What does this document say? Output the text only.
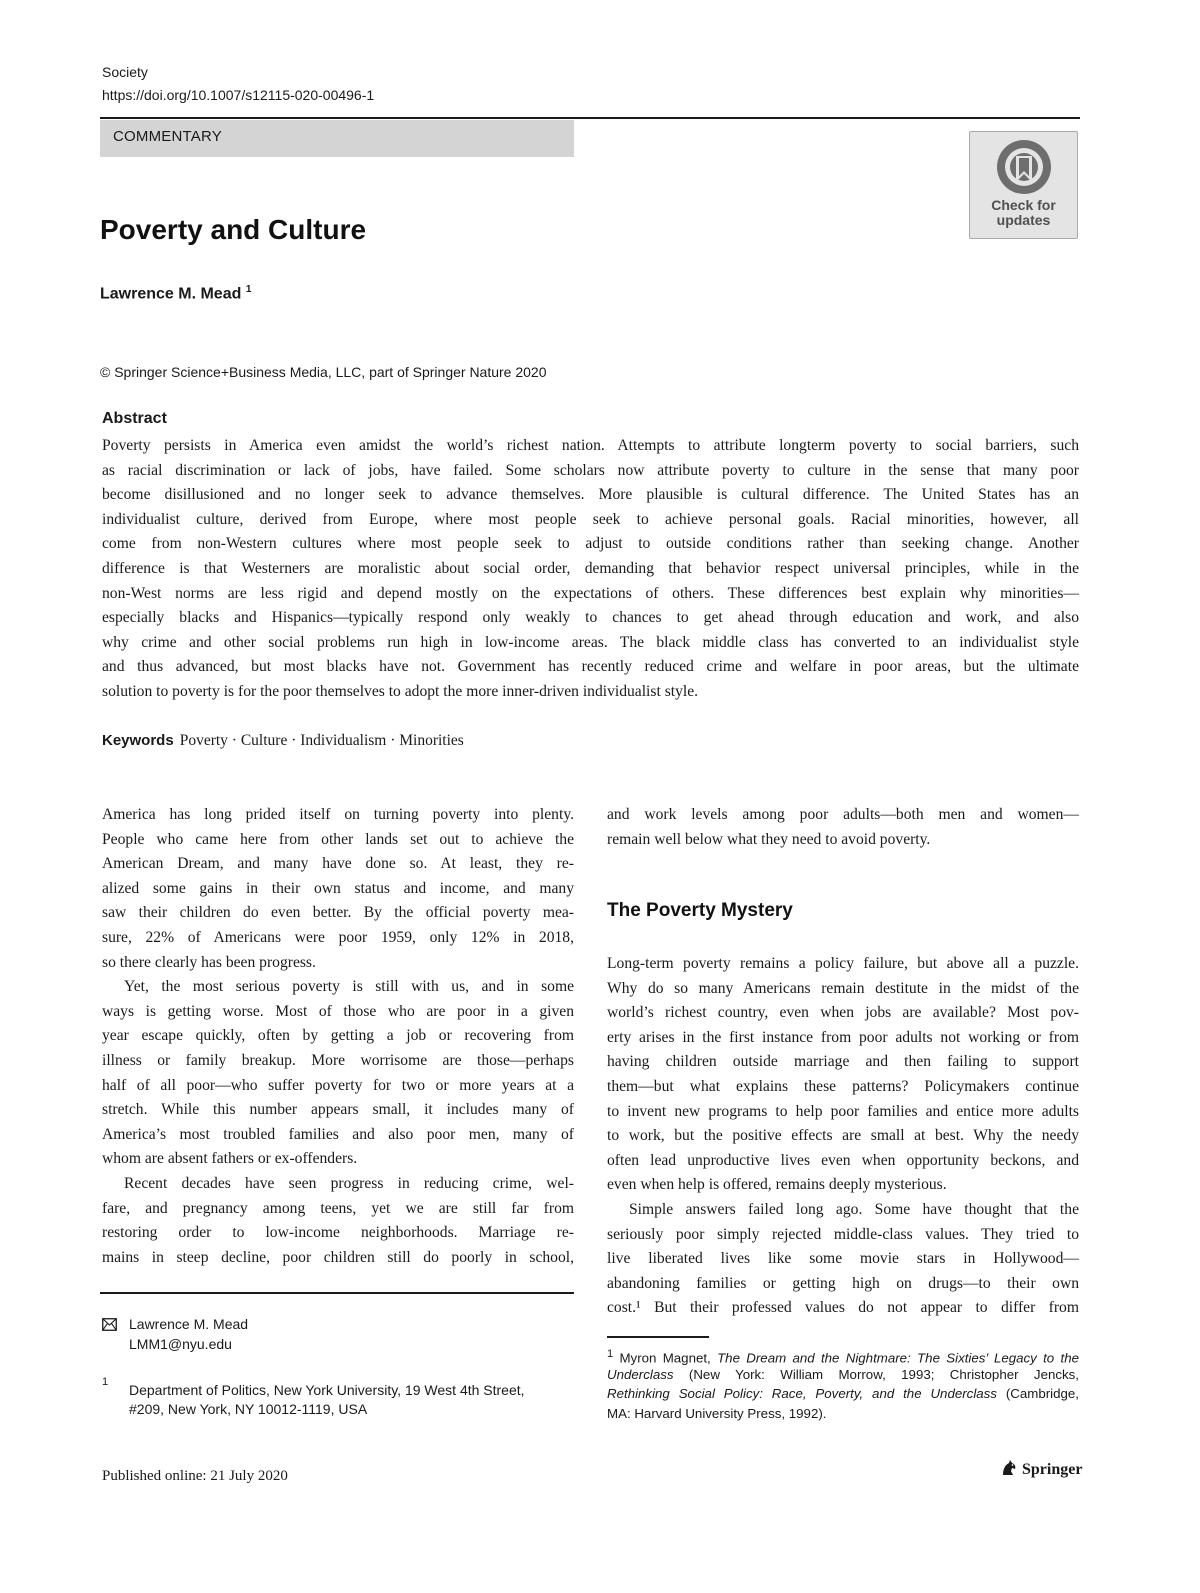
Society
https://doi.org/10.1007/s12115-020-00496-1
COMMENTARY
Check for
updates
Poverty and Culture
Lawrence M. Mead $^1$
© Springer Science+Business Media, LLC, part of Springer Nature 2020
Abstract
Poverty persists in America even amidst the world’s richest nation. Attempts to attribute longterm poverty to social barriers, such
as racial discrimination or lack of jobs, have failed. Some scholars now attribute poverty to culture in the sense that many poor
become disillusioned and no longer seek to advance themselves. More plausible is cultural difference. The United States has an
individualist culture, derived from Europe, where most people seek to achieve personal goals. Racial minorities, however, all
come from non-Western cultures where most people seek to adjust to outside conditions rather than seeking change. Another
difference is that Westerners are moralistic about social order, demanding that behavior respect universal principles, while in the
non-West norms are less rigid and depend mostly on the expectations of others. These differences best explain why minorities—
especially blacks and Hispanics—typically respond only weakly to chances to get ahead through education and work, and also
why crime and other social problems run high in low-income areas. The black middle class has converted to an individualist style
and thus advanced, but most blacks have not. Government has recently reduced crime and welfare in poor areas, but the ultimate
solution to poverty is for the poor themselves to adopt the more inner-driven individualist style.
Keywords Poverty · Culture · Individualism · Minorities
America has long prided itself on turning poverty into plenty.
People who came here from other lands set out to achieve the
American Dream, and many have done so. At least, they re-
alized some gains in their own status and income, and many
saw their children do even better. By the official poverty mea-
sure, 22% of Americans were poor 1959, only 12% in 2018,
so there clearly has been progress.
Yet, the most serious poverty is still with us, and in some
ways is getting worse. Most of those who are poor in a given
year escape quickly, often by getting a job or recovering from
illness or family breakup. More worrisome are those—perhaps
half of all poor—who suffer poverty for two or more years at a
stretch. While this number appears small, it includes many of
America’s most troubled families and also poor men, many of
whom are absent fathers or ex-offenders.
Recent decades have seen progress in reducing crime, wel-
fare, and pregnancy among teens, yet we are still far from
restoring order to low-income neighborhoods. Marriage re-
mains in steep decline, poor children still do poorly in school,
and work levels among poor adults—both men and women—
remain well below what they need to avoid poverty.
The Poverty Mystery
Long-term poverty remains a policy failure, but above all a puzzle.
Why do so many Americans remain destitute in the midst of the
world’s richest country, even when jobs are available? Most pov-
erty arises in the first instance from poor adults not working or from
having children outside marriage and then failing to support
them—but what explains these patterns? Policymakers continue
to invent new programs to help poor families and entice more adults
to work, but the positive effects are small at best. Why the needy
often lead unproductive lives even when opportunity beckons, and
even when help is offered, remains deeply mysterious.
Simple answers failed long ago. Some have thought that the
seriously poor simply rejected middle-class values. They tried to
live liberated lives like some movie stars in Hollywood—
abandoning families or getting high on drugs—to their own
cost.¹ But their professed values do not appear to differ from
Lawrence M. Mead
LMM1@nyu.edu
1 Department of Politics, New York University, 19 West 4th Street,
#209, New York, NY 10012-1119, USA
$^1$ Myron Magnet, The Dream and the Nightmare: The Sixties’ Legacy to the
Underclass (New York: William Morrow, 1993; Christopher Jencks,
Rethinking Social Policy: Race, Poverty, and the Underclass (Cambridge,
MA: Harvard University Press, 1992).
Published online: 21 July 2020	Springer
